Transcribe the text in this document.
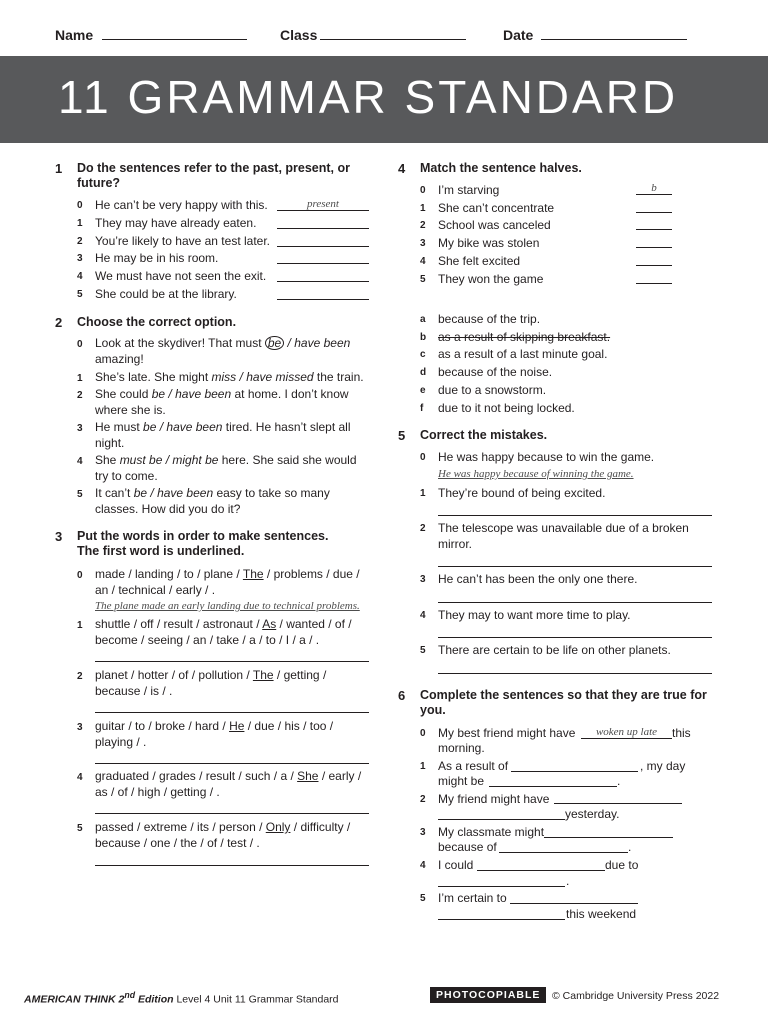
Name	Class	Date
11 GRAMMAR STANDARD
1 Do the sentences refer to the past, present, or future?
0 He can’t be very happy with this.	present
1 They may have already eaten.
2 You’re likely to have an test later.
3 He may be in his room.
4 We must have not seen the exit.
5 She could be at the library.
2 Choose the correct option.
0 Look at the skydiver! That must be / have been amazing!
1 She’s late. She might miss / have missed the train.
2 She could be / have been at home. I don’t know where she is.
3 He must be / have been tired. He hasn’t slept all night.
4 She must be / might be here. She said she would try to come.
5 It can’t be / have been easy to take so many classes. How did you do it?
3 Put the words in order to make sentences. The first word is underlined.
0 made / landing / to / plane / The / problems / due / an / technical / early / .
The plane made an early landing due to technical problems.
1 shuttle / off / result / astronaut / As / wanted / of / become / seeing / an / take / a / to / I / a / .
2 planet / hotter / of / pollution / The / getting / because / is / .
3 guitar / to / broke / hard / He / due / his / too / playing / .
4 graduated / grades / result / such / a / She / early / as / of / high / getting / .
5 passed / extreme / its / person / Only / difficulty / because / one / the / of / test / .
4 Match the sentence halves.
0 I’m starving	b
1 She can’t concentrate
2 School was canceled
3 My bike was stolen
4 She felt excited
5 They won the game
a because of the trip.
b as a result of skipping breakfast.
c as a result of a last minute goal.
d because of the noise.
e due to a snowstorm.
f due to it not being locked.
5 Correct the mistakes.
0 He was happy because to win the game.
He was happy because of winning the game.
1 They’re bound of being excited.
2 The telescope was unavailable due of a broken mirror.
3 He can’t has been the only one there.
4 They may to want more time to play.
5 There are certain to be life on other planets.
6 Complete the sentences so that they are true for you.
0 My best friend might have	woken up late	this
morning.
1 As a result of	, my day
might be	.
2 My friend might have
yesterday.
3 My classmate might
because of	.
4 I could	due to
.
5 I’m certain to
this weekend
AMERICAN THINK 2nd Edition Level 4 Unit 11 Grammar Standard	PHOTOCOPIABLE	© Cambridge University Press 2022
